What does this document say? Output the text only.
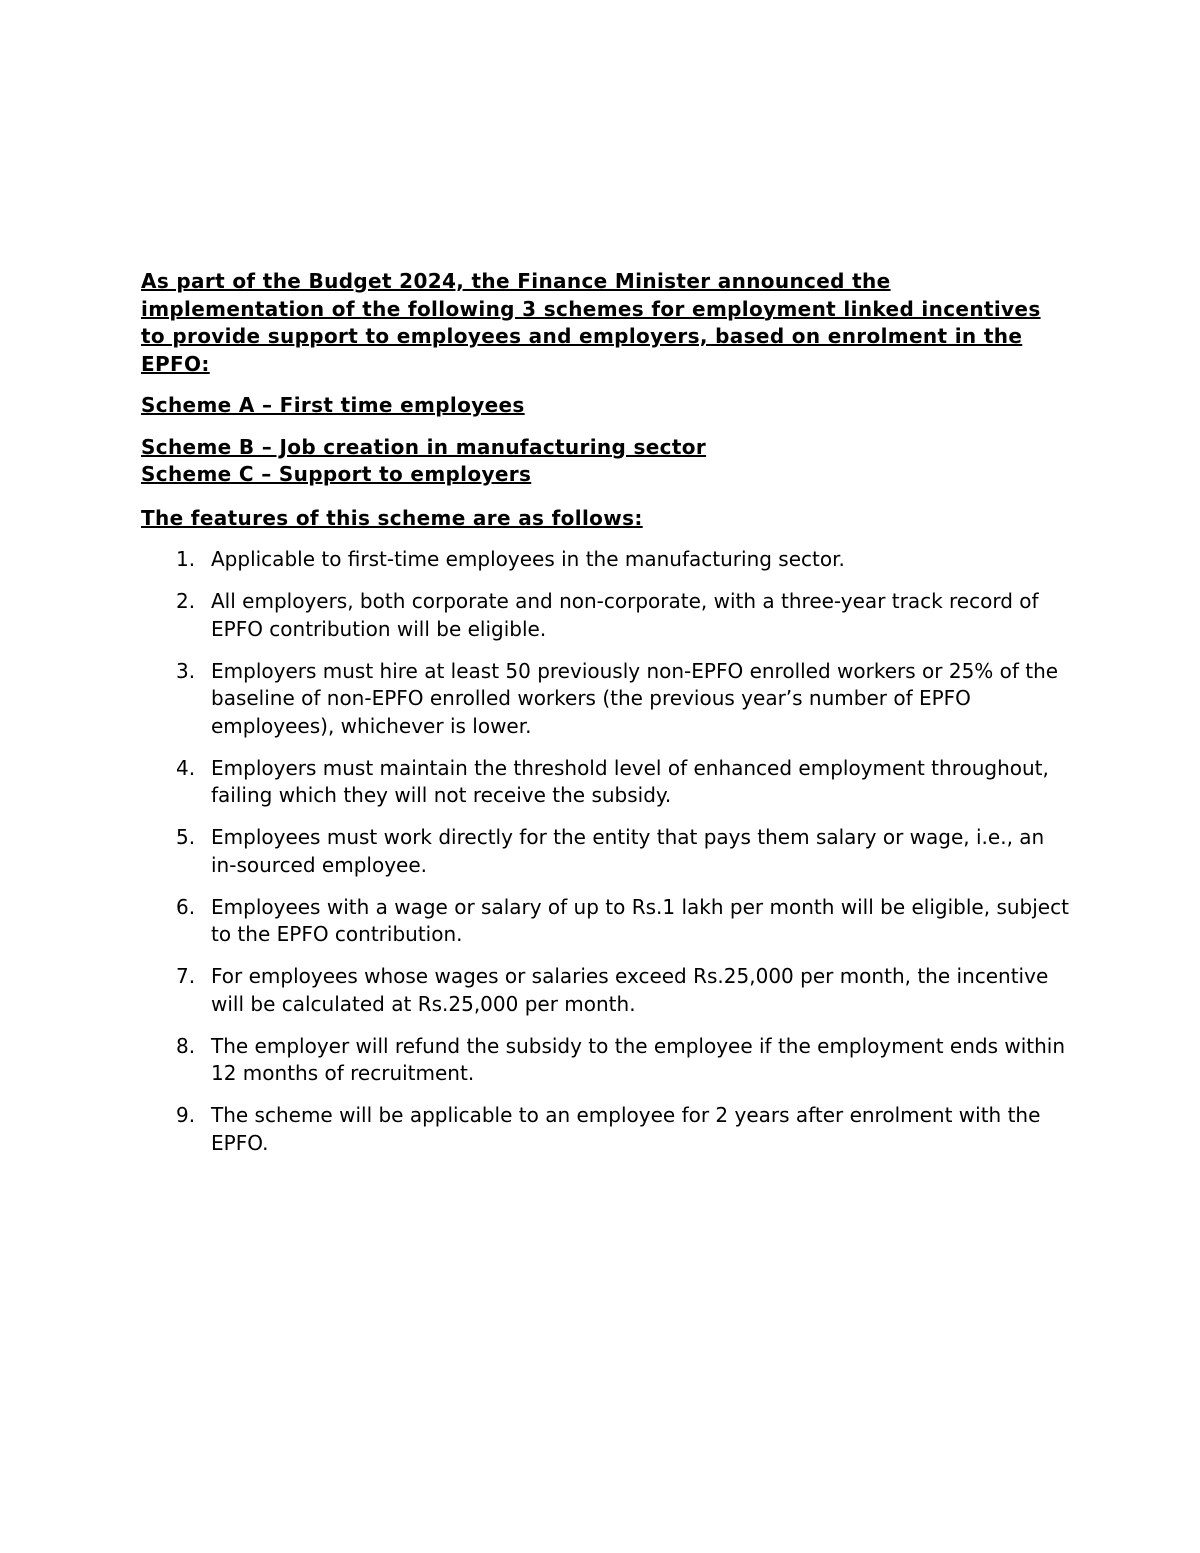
As part of the Budget 2024, the Finance Minister announced the implementation of the following 3 schemes for employment linked incentives to provide support to employees and employers, based on enrolment in the EPFO:

Scheme A – First time employees

Scheme B – Job creation in manufacturing sector

Scheme C – Support to employers

The features of this scheme are as follows:

1. Applicable to first-time employees in the manufacturing sector.
2. All employers, both corporate and non-corporate, with a three-year track record of EPFO contribution will be eligible.
3. Employers must hire at least 50 previously non-EPFO enrolled workers or 25% of the baseline of non-EPFO enrolled workers (the previous year’s number of EPFO employees), whichever is lower.
4. Employers must maintain the threshold level of enhanced employment throughout, failing which they will not receive the subsidy.
5. Employees must work directly for the entity that pays them salary or wage, i.e., an in-sourced employee.
6. Employees with a wage or salary of up to Rs.1 lakh per month will be eligible, subject to the EPFO contribution.
7. For employees whose wages or salaries exceed Rs.25,000 per month, the incentive will be calculated at Rs.25,000 per month.
8. The employer will refund the subsidy to the employee if the employment ends within 12 months of recruitment.
9. The scheme will be applicable to an employee for 2 years after enrolment with the EPFO.
